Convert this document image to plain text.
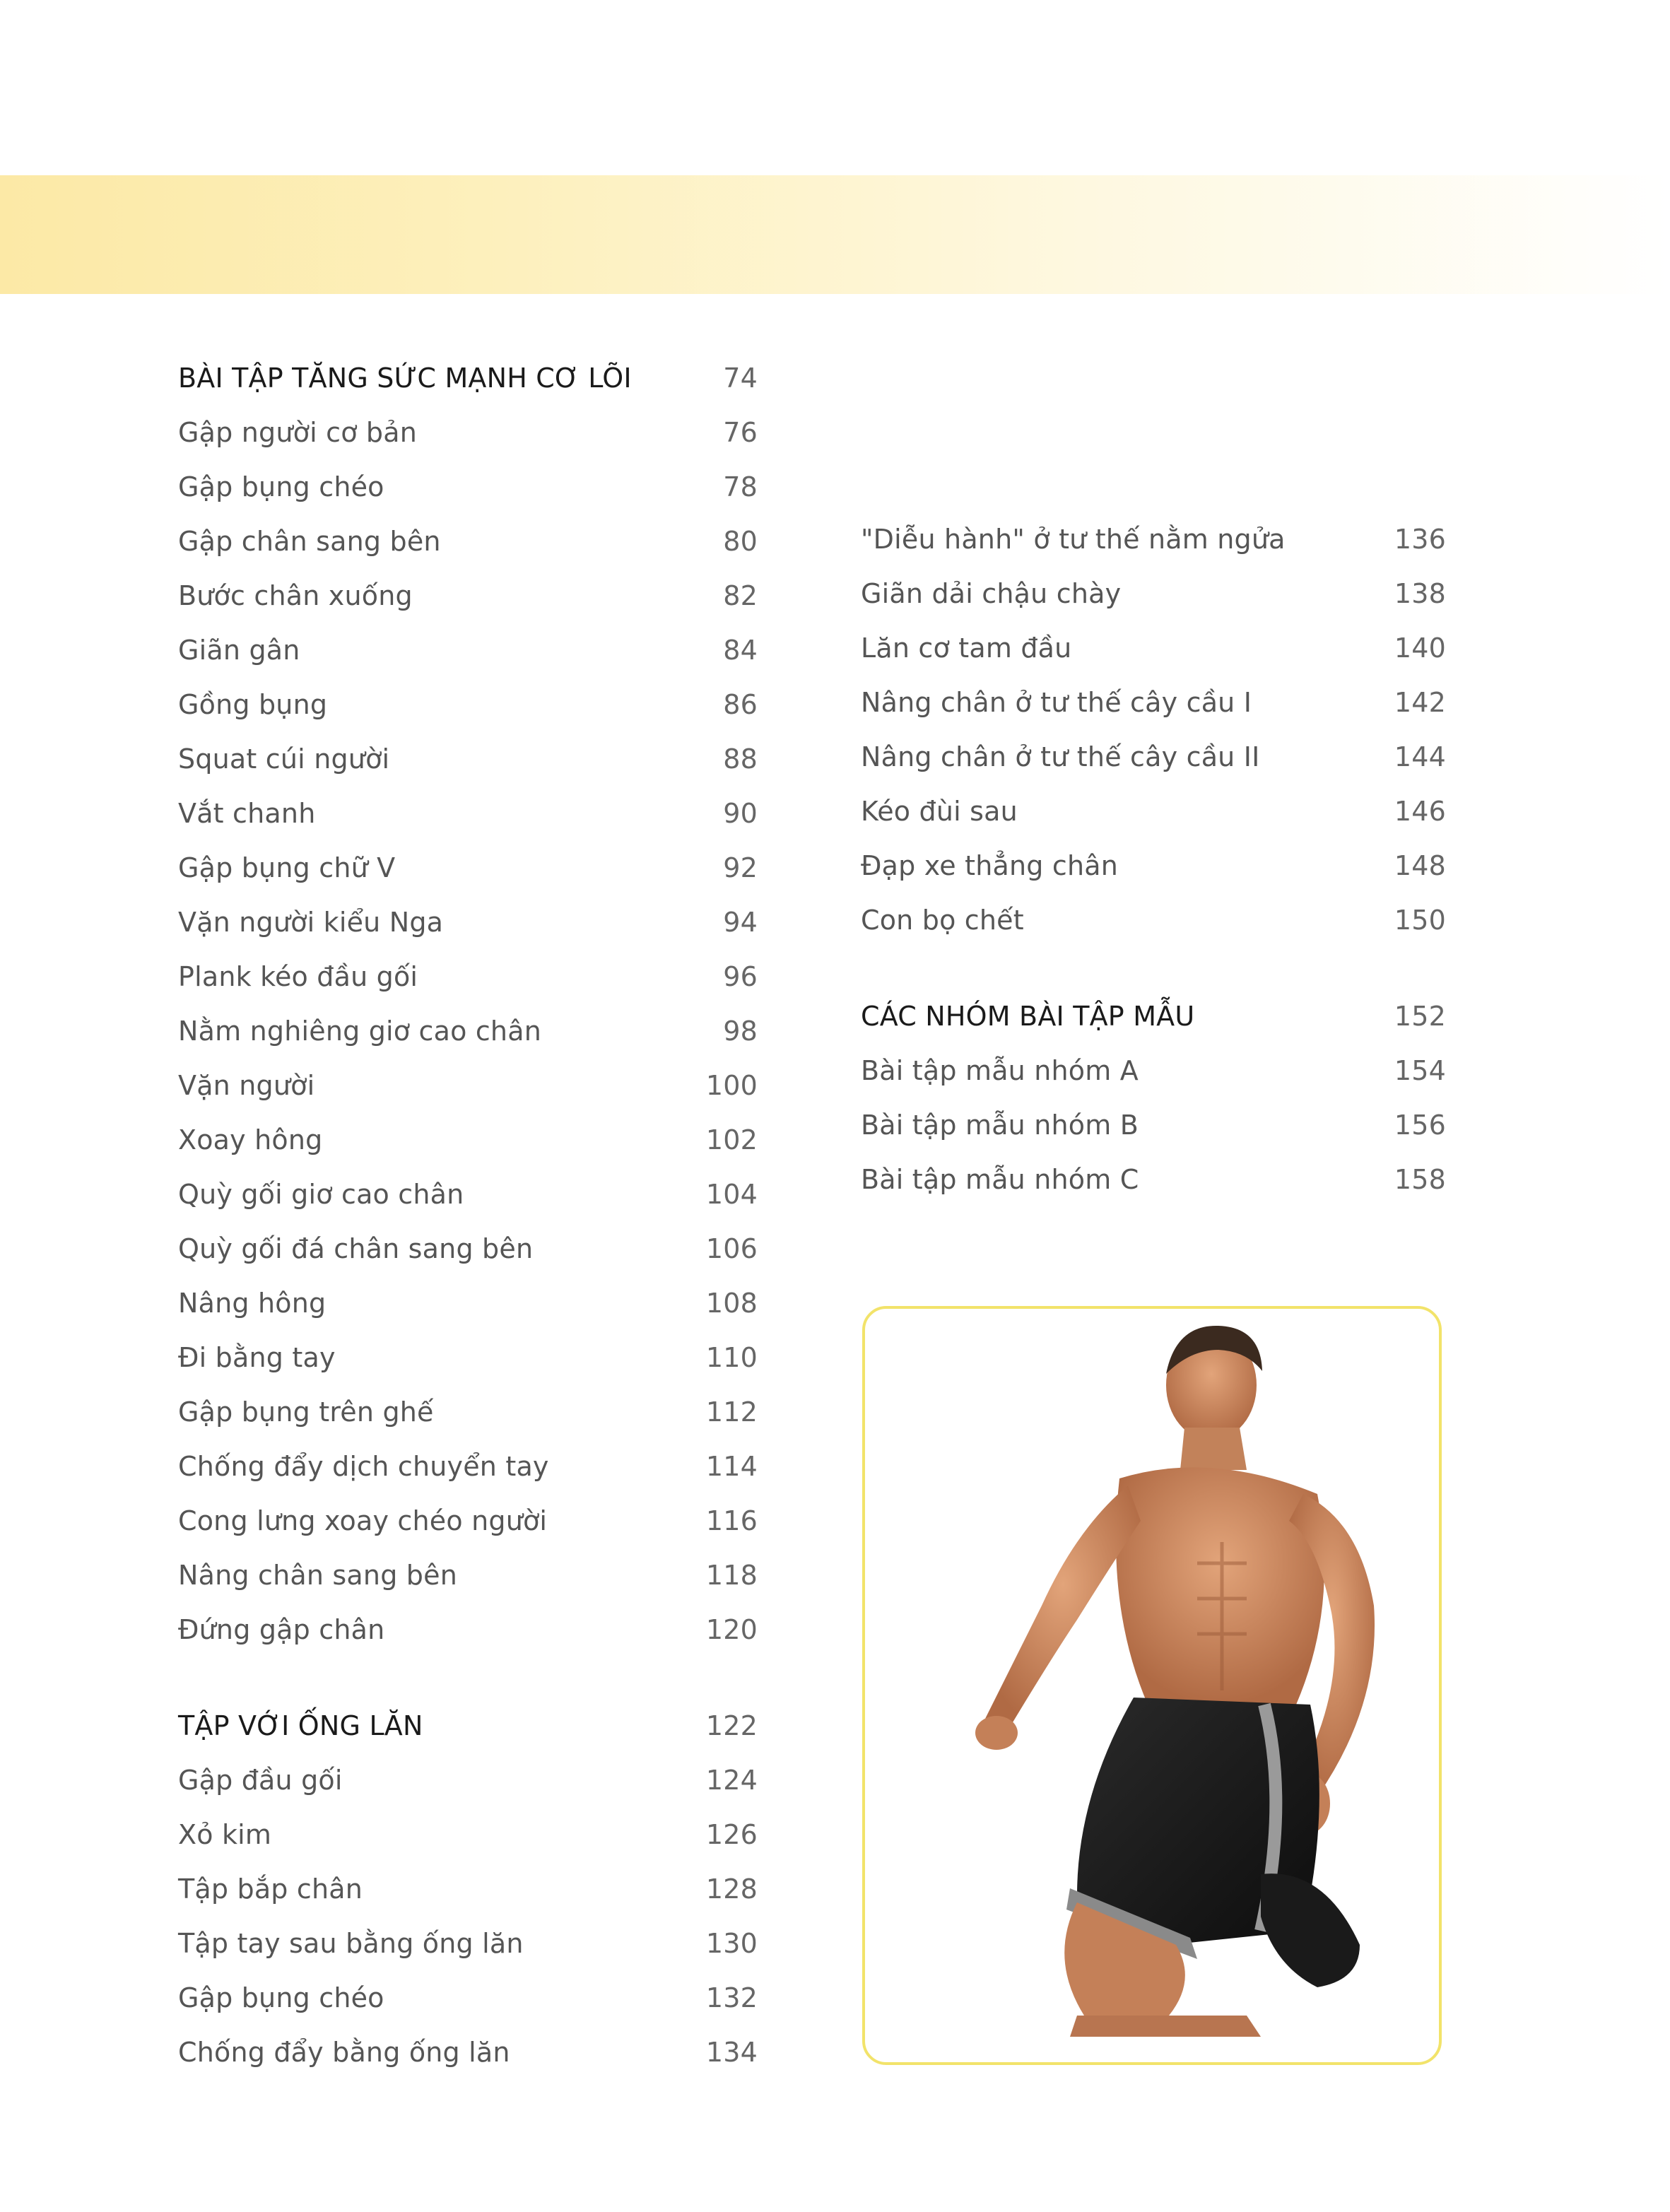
BÀI TẬP TĂNG SỨC MẠNH CƠ LÕI	74
Gập người cơ bản	76
Gập bụng chéo	78
Gập chân sang bên	80
Bước chân xuống	82
Giãn gân	84
Gồng bụng	86
Squat cúi người	88
Vắt chanh	90
Gập bụng chữ V	92
Vặn người kiểu Nga	94
Plank kéo đầu gối	96
Nằm nghiêng giơ cao chân	98
Vặn người	100
Xoay hông	102
Quỳ gối giơ cao chân	104
Quỳ gối đá chân sang bên	106
Nâng hông	108
Đi bằng tay	110
Gập bụng trên ghế	112
Chống đẩy dịch chuyển tay	114
Cong lưng xoay chéo người	116
Nâng chân sang bên	118
Đứng gập chân	120
TẬP VỚI ỐNG LĂN	122
Gập đầu gối	124
Xỏ kim	126
Tập bắp chân	128
Tập tay sau bằng ống lăn	130
Gập bụng chéo	132
Chống đẩy bằng ống lăn	134
"Diễu hành" ở tư thế nằm ngửa	136
Giãn dải chậu chày	138
Lăn cơ tam đầu	140
Nâng chân ở tư thế cây cầu I	142
Nâng chân ở tư thế cây cầu II	144
Kéo đùi sau	146
Đạp xe thẳng chân	148
Con bọ chết	150
CÁC NHÓM BÀI TẬP MẪU	152
Bài tập mẫu nhóm A	154
Bài tập mẫu nhóm B	156
Bài tập mẫu nhóm C	158
